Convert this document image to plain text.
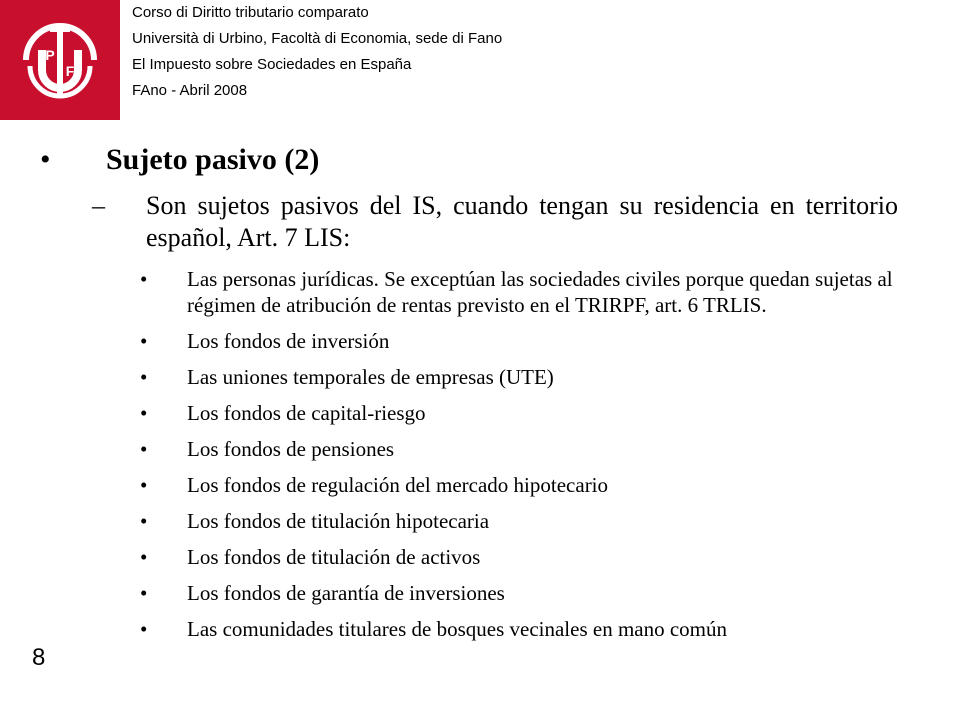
P
F
Corso di Diritto tributario comparato
Università di Urbino, Facoltà di Economia, sede di Fano
El Impuesto sobre Sociedades en España
FAno - Abril 2008
• Sujeto pasivo (2)
– Son sujetos pasivos del IS, cuando tengan su residencia en territorio español, Art. 7 LIS:
• Las personas jurídicas. Se exceptúan las sociedades civiles porque quedan sujetas al régimen de atribución de rentas previsto en el TRIRPF, art. 6 TRLIS.
• Los fondos de inversión
• Las uniones temporales de empresas (UTE)
• Los fondos de capital-riesgo
• Los fondos de pensiones
• Los fondos de regulación del mercado hipotecario
• Los fondos de titulación hipotecaria
• Los fondos de titulación de activos
• Los fondos de garantía de inversiones
• Las comunidades titulares de bosques vecinales en mano común
8
